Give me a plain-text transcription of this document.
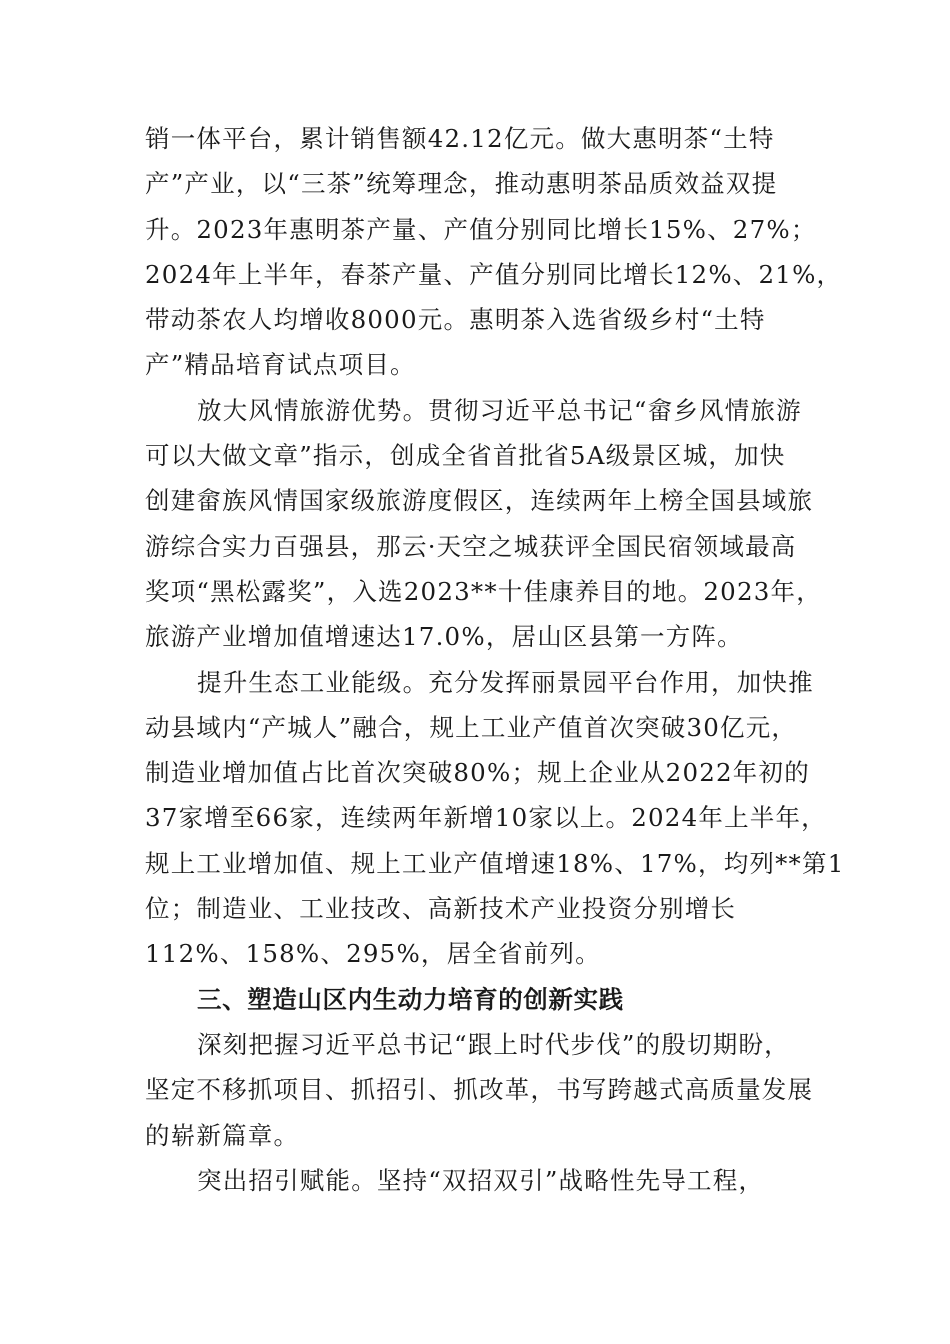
销一体平台，累计销售额42.12亿元。做大惠明茶“土特
产”产业，以“三茶”统筹理念，推动惠明茶品质效益双提
升。2023年惠明茶产量、产值分别同比增长15%、27%；
2024年上半年，春茶产量、产值分别同比增长12%、21%，
带动茶农人均增收8000元。惠明茶入选省级乡村“土特
产”精品培育试点项目。
放大风情旅游优势。贯彻习近平总书记“畲乡风情旅游
可以大做文章”指示，创成全省首批省5A级景区城，加快
创建畲族风情国家级旅游度假区，连续两年上榜全国县域旅
游综合实力百强县，那云·天空之城获评全国民宿领域最高
奖项“黑松露奖”，入选2023**十佳康养目的地。2023年，
旅游产业增加值增速达17.0%，居山区县第一方阵。
提升生态工业能级。充分发挥丽景园平台作用，加快推
动县域内“产城人”融合，规上工业产值首次突破30亿元，
制造业增加值占比首次突破80%；规上企业从2022年初的
37家增至66家，连续两年新增10家以上。2024年上半年，
规上工业增加值、规上工业产值增速18%、17%，均列**第1
位；制造业、工业技改、高新技术产业投资分别增长
112%、158%、295%，居全省前列。
三、塑造山区内生动力培育的创新实践
深刻把握习近平总书记“跟上时代步伐”的殷切期盼，
坚定不移抓项目、抓招引、抓改革，书写跨越式高质量发展
的崭新篇章。
突出招引赋能。坚持“双招双引”战略性先导工程，
